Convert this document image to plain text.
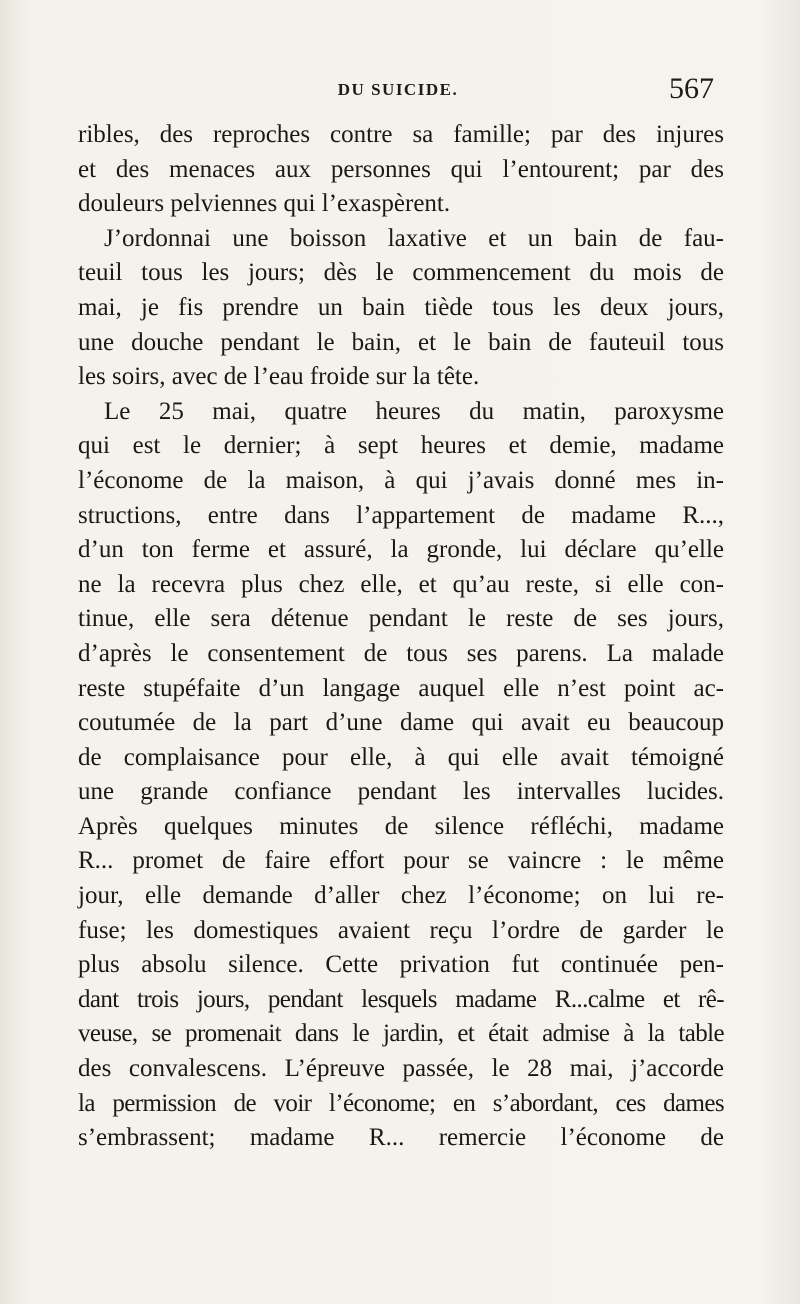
DU SUICIDE.	567
ribles, des reproches contre sa famille; par des injures
et des menaces aux personnes qui l’entourent; par des
douleurs pelviennes qui l’exaspèrent.
J’ordonnai une boisson laxative et un bain de fau-
teuil tous les jours; dès le commencement du mois de
mai, je fis prendre un bain tiède tous les deux jours,
une douche pendant le bain, et le bain de fauteuil tous
les soirs, avec de l’eau froide sur la tête.
Le 25 mai, quatre heures du matin, paroxysme
qui est le dernier; à sept heures et demie, madame
l’économe de la maison, à qui j’avais donné mes in-
structions, entre dans l’appartement de madame R...,
d’un ton ferme et assuré, la gronde, lui déclare qu’elle
ne la recevra plus chez elle, et qu’au reste, si elle con-
tinue, elle sera détenue pendant le reste de ses jours,
d’après le consentement de tous ses parens. La malade
reste stupéfaite d’un langage auquel elle n’est point ac-
coutumée de la part d’une dame qui avait eu beaucoup
de complaisance pour elle, à qui elle avait témoigné
une grande confiance pendant les intervalles lucides.
Après quelques minutes de silence réfléchi, madame
R... promet de faire effort pour se vaincre : le même
jour, elle demande d’aller chez l’économe; on lui re-
fuse; les domestiques avaient reçu l’ordre de garder le
plus absolu silence. Cette privation fut continuée pen-
dant trois jours, pendant lesquels madame R...calme et rê-
veuse, se promenait dans le jardin, et était admise à la table
des convalescens. L’épreuve passée, le 28 mai, j’accorde
la permission de voir l’économe; en s’abordant, ces dames
s’embrassent; madame R... remercie l’économe de
